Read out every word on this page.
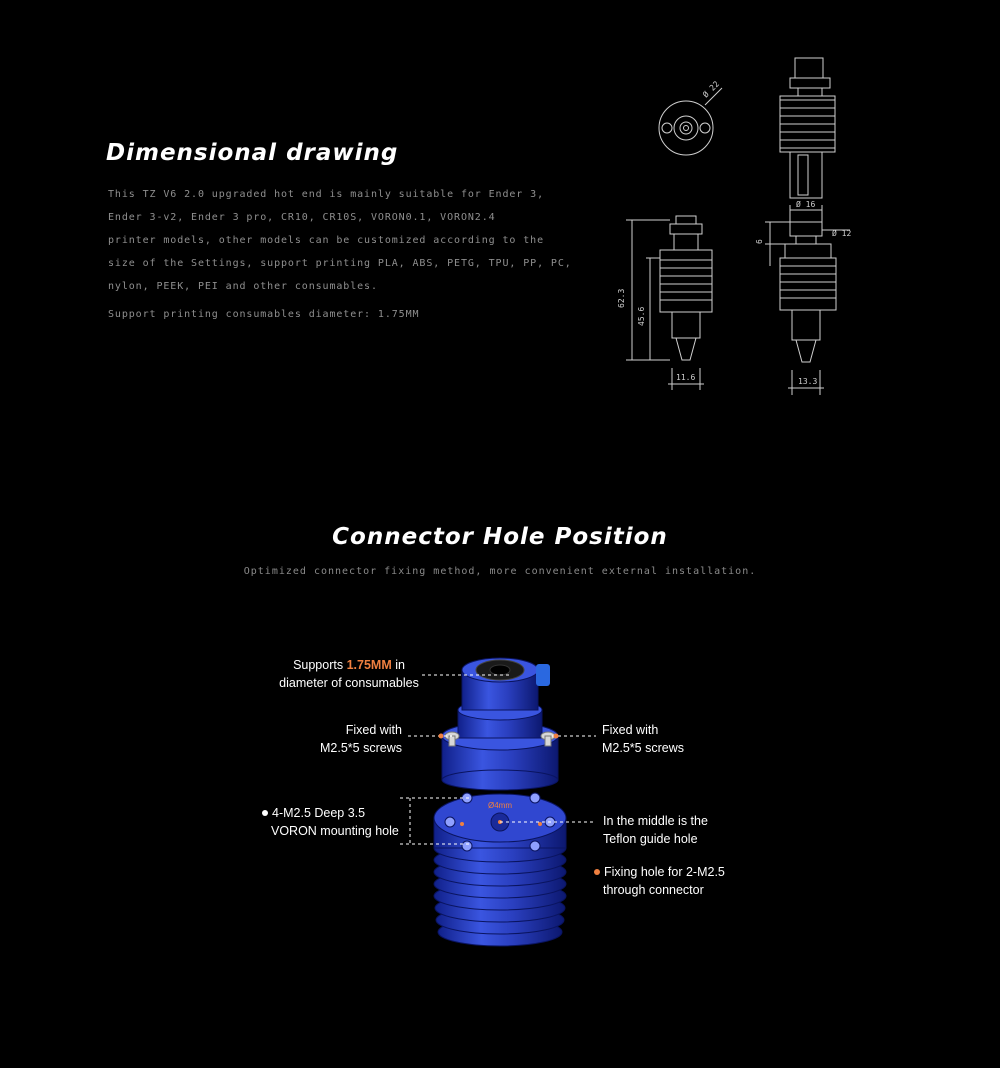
Dimensional drawing

This TZ V6 2.0 upgraded hot end is mainly suitable for Ender 3,

Ender 3-v2, Ender 3 pro, CR10, CR10S, VORON0.1, VORON2.4

printer models, other models can be customized according to the

size of the Settings, support printing PLA, ABS, PETG, TPU, PP, PC,

nylon, PEEK, PEI and other consumables.

Support printing consumables diameter: 1.75MM

Ø 22
62.3
45.6
11.6
Ø 16
Ø 12
6
13.3
Connector Hole Position
Optimized connector fixing method, more convenient external installation.
Ø4mm
Supports 1.75MM in
diameter of consumables
Fixed with
M2.5*5 screws
Fixed with
M2.5*5 screws
4-M2.5 Deep 3.5
VORON mounting hole
In the middle is the
Teflon guide hole
Fixing hole for 2-M2.5
through connector
